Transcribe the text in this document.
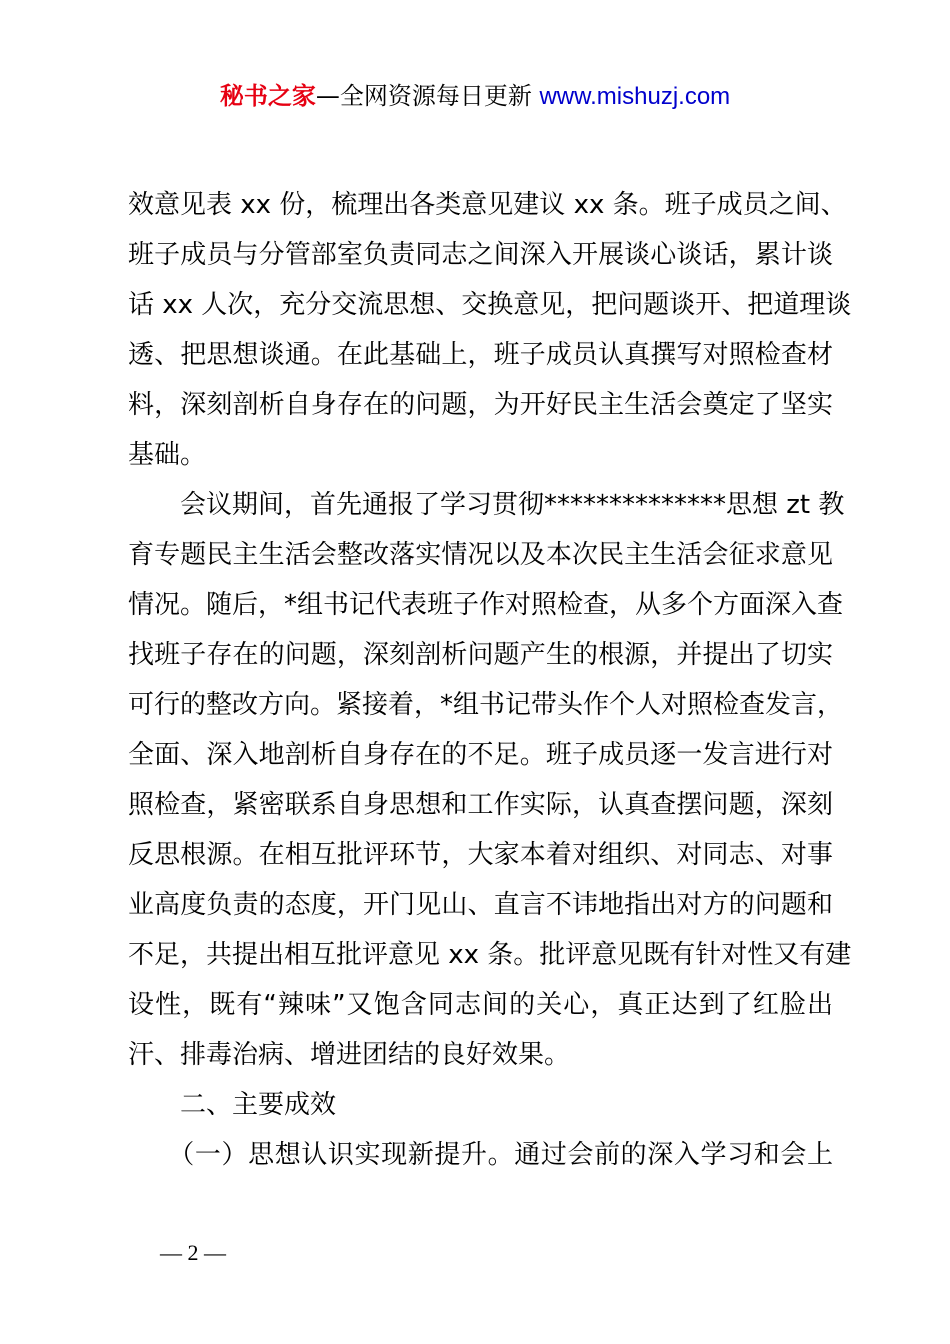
秘书之家—全网资源每日更新 www.mishuzj.com
效意见表 xx 份，梳理出各类意见建议 xx 条。班子成员之间、
班子成员与分管部室负责同志之间深入开展谈心谈话，累计谈
话 xx 人次，充分交流思想、交换意见，把问题谈开、把道理谈
透、把思想谈通。在此基础上，班子成员认真撰写对照检查材
料，深刻剖析自身存在的问题，为开好民主生活会奠定了坚实
基础。
　　会议期间，首先通报了学习贯彻**************思想 zt 教
育专题民主生活会整改落实情况以及本次民主生活会征求意见
情况。随后，*组书记代表班子作对照检查，从多个方面深入查
找班子存在的问题，深刻剖析问题产生的根源，并提出了切实
可行的整改方向。紧接着，*组书记带头作个人对照检查发言，
全面、深入地剖析自身存在的不足。班子成员逐一发言进行对
照检查，紧密联系自身思想和工作实际，认真查摆问题，深刻
反思根源。在相互批评环节，大家本着对组织、对同志、对事
业高度负责的态度，开门见山、直言不讳地指出对方的问题和
不足，共提出相互批评意见 xx 条。批评意见既有针对性又有建
设性，既有“辣味”又饱含同志间的关心，真正达到了红脸出
汗、排毒治病、增进团结的良好效果。
　　二、主要成效
　　（一）思想认识实现新提升。通过会前的深入学习和会上
— 2 —
